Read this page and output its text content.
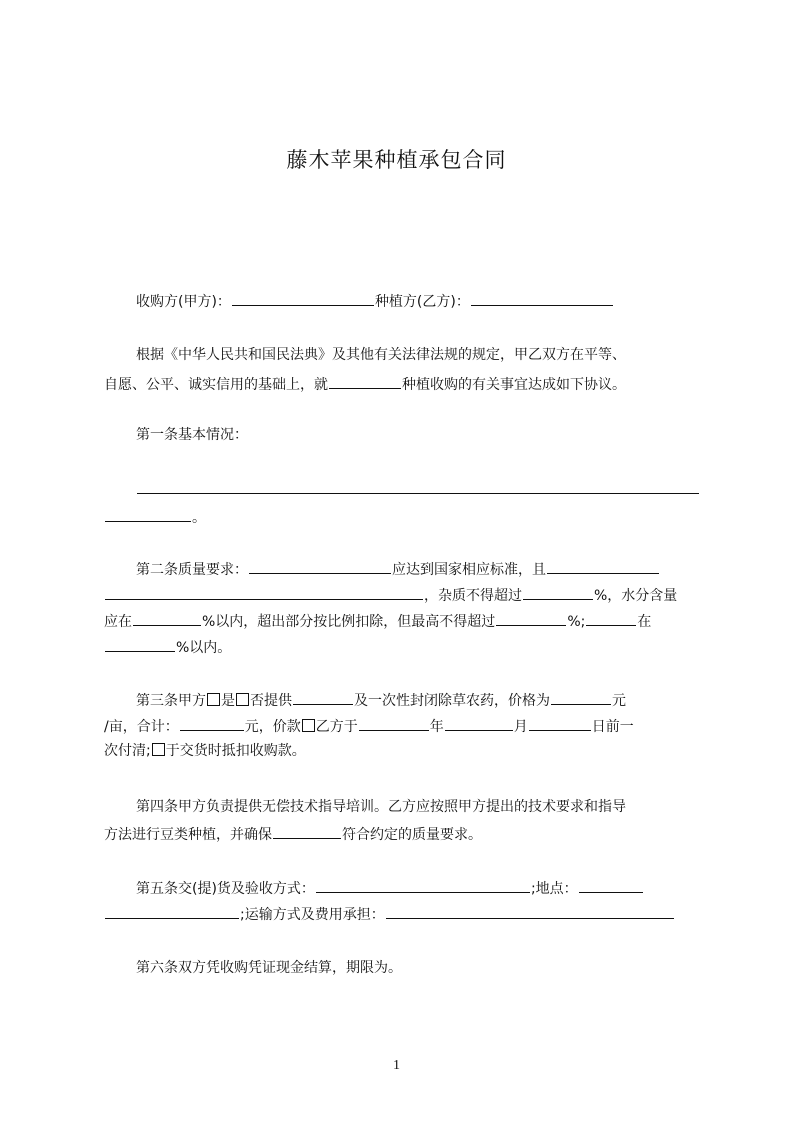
藤木苹果种植承包合同
收购方(甲方)：	种植方(乙方)：
根据《中华人民共和国民法典》及其他有关法律法规的规定，甲乙双方在平等、
自愿、公平、诚实信用的基础上，就	种植收购的有关事宜达成如下协议。
第一条基本情况：
。
第二条质量要求：	应达到国家相应标准，且
，杂质不得超过	%，水分含量
应在	%以内，超出部分按比例扣除，但最高不得超过	%;	在
%以内。
第三条甲方 是 否提供	及一次性封闭除草农药，价格为	元
/亩，合计：	元，价款 乙方于	年	月	日前一
次付清; 于交货时抵扣收购款。
第四条甲方负责提供无偿技术指导培训。乙方应按照甲方提出的技术要求和指导
方法进行豆类种植，并确保	符合约定的质量要求。
第五条交(提)货及验收方式：	;地点：
;运输方式及费用承担：
第六条双方凭收购凭证现金结算，期限为。
1
